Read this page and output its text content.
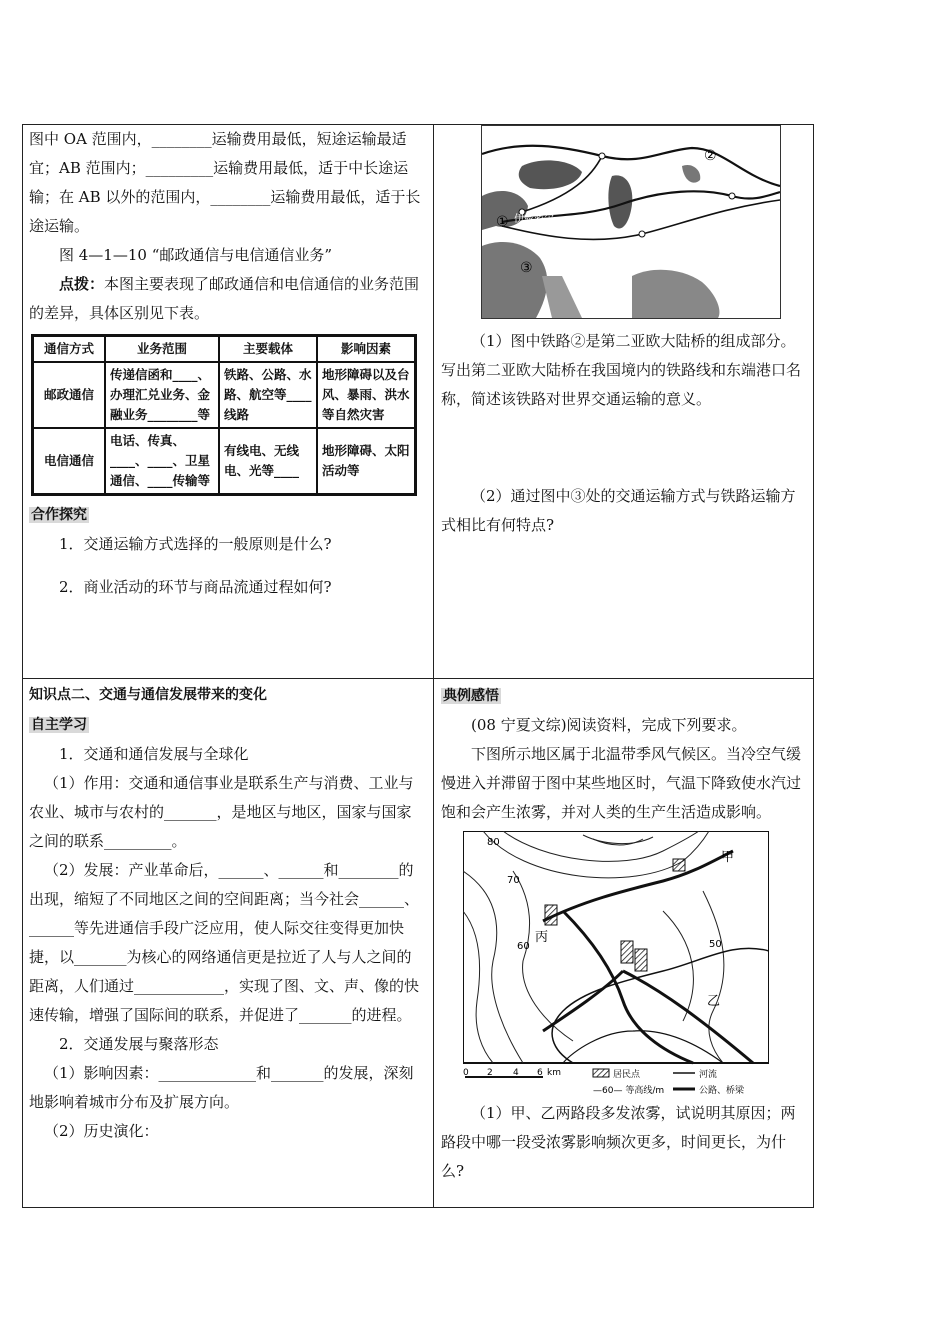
图中 OA 范围内，________运输费用最低，短途运输最适宜；AB 范围内；_________运输费用最低，适于中长途运输；在 AB 以外的范围内，________运输费用最低，适于长途运输。

图 4—1—10 “邮政通信与电信通信业务”

点拨：本图主要表现了邮政通信和电信通信的业务范围的差异，具体区别见下表。

通信方式	业务范围	主要载体	影响因素
邮政通信	传递信函和____、办理汇兑业务、金融业务________等	铁路、公路、水路、航空等____线路	地形障碍以及台风、暴雨、洪水等自然灾害
电信通信	电话、传真、____、____、卫星通信、____传输等	有线电、无线电、光等____	地形障碍、太阳活动等

合作探究

1．交通运输方式选择的一般原则是什么?

2．商业活动的环节与商品流通过程如何?

① 伊兹密尔
②
③

（1）图中铁路②是第二亚欧大陆桥的组成部分。写出第二亚欧大陆桥在我国境内的铁路线和东端港口名称，简述该铁路对世界交通运输的意义。

（2）通过图中③处的交通运输方式与铁路运输方式相比有何特点?

知识点二、交通与通信发展带来的变化

自主学习

1．交通和通信发展与全球化

（1）作用：交通和通信事业是联系生产与消费、工业与农业、城市与农村的_______，是地区与地区，国家与国家之间的联系_________。

（2）发展：产业革命后，______、______和________的出现，缩短了不同地区之间的空间距离；当今社会______、______等先进通信手段广泛应用，使人际交往变得更加快捷，以_______为核心的网络通信更是拉近了人与人之间的距离，人们通过____________，实现了图、文、声、像的快速传输，增强了国际间的联系，并促进了_______的进程。

2．交通发展与聚落形态

（1）影响因素：_____________和_______的发展，深刻地影响着城市分布及扩展方向。

（2）历史演化：

典例感悟

(08 宁夏文综)阅读资料，完成下列要求。

下图所示地区属于北温带季风气候区。当冷空气缓慢进入并滞留于图中某些地区时，气温下降致使水汽过饱和会产生浓雾，并对人类的生产生活造成影响。

甲
乙
丙
80
70
60	50
0 2 4 6 km	居民点	河流
—60— 等高线/m	公路、桥梁

（1）甲、乙两路段多发浓雾，试说明其原因；两路段中哪一段受浓雾影响频次更多，时间更长，为什么?
